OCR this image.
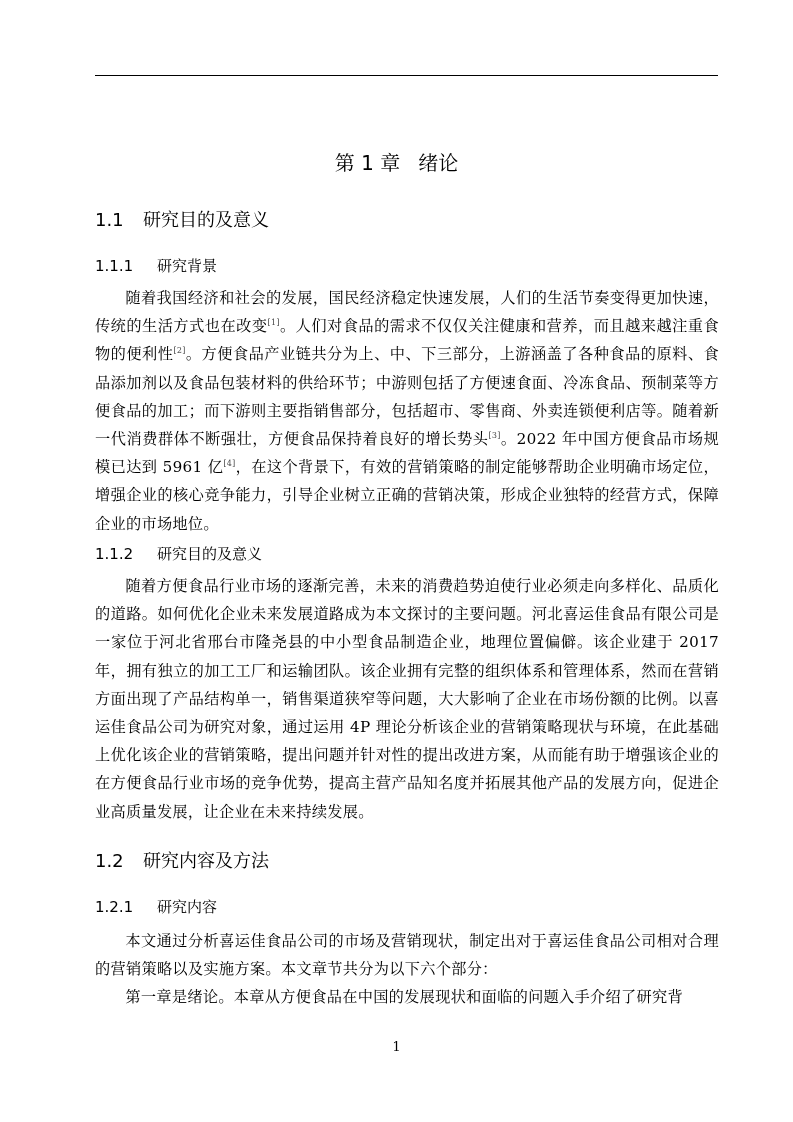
第 1 章 绪论
1.1 研究目的及意义
1.1.1 研究背景

随着我国经济和社会的发展，国民经济稳定快速发展，人们的生活节奏变得更加快速，传统的生活方式也在改变[1]。人们对食品的需求不仅仅关注健康和营养，而且越来越注重食物的便利性[2]。方便食品产业链共分为上、中、下三部分，上游涵盖了各种食品的原料、食品添加剂以及食品包装材料的供给环节；中游则包括了方便速食面、冷冻食品、预制菜等方便食品的加工；而下游则主要指销售部分，包括超市、零售商、外卖连锁便利店等。随着新一代消费群体不断强壮，方便食品保持着良好的增长势头[3]。2022 年中国方便食品市场规模已达到 5961 亿[4]，在这个背景下，有效的营销策略的制定能够帮助企业明确市场定位，增强企业的核心竞争能力，引导企业树立正确的营销决策，形成企业独特的经营方式，保障企业的市场地位。

1.1.2 研究目的及意义

随着方便食品行业市场的逐渐完善，未来的消费趋势迫使行业必须走向多样化、品质化的道路。如何优化企业未来发展道路成为本文探讨的主要问题。河北喜运佳食品有限公司是一家位于河北省邢台市隆尧县的中小型食品制造企业，地理位置偏僻。该企业建于 2017 年，拥有独立的加工工厂和运输团队。该企业拥有完整的组织体系和管理体系，然而在营销方面出现了产品结构单一，销售渠道狭窄等问题，大大影响了企业在市场份额的比例。以喜运佳食品公司为研究对象，通过运用 4P 理论分析该企业的营销策略现状与环境，在此基础上优化该企业的营销策略，提出问题并针对性的提出改进方案，从而能有助于增强该企业的在方便食品行业市场的竞争优势，提高主营产品知名度并拓展其他产品的发展方向，促进企业高质量发展，让企业在未来持续发展。

1.2 研究内容及方法
1.2.1 研究内容

本文通过分析喜运佳食品公司的市场及营销现状，制定出对于喜运佳食品公司相对合理的营销策略以及实施方案。本文章节共分为以下六个部分：

第一章是绪论。本章从方便食品在中国的发展现状和面临的问题入手介绍了研究背

1
